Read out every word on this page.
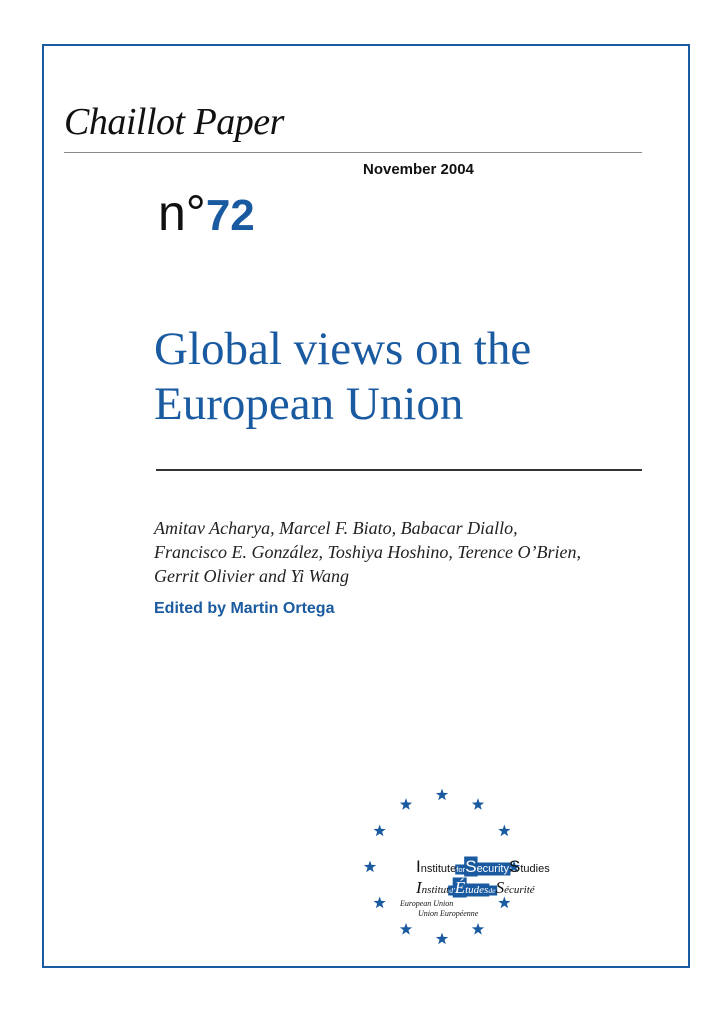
Chaillot Paper
November 2004
n°72
Global views on the
European Union
Amitav Acharya, Marcel F. Biato, Babacar Diallo,
Francisco E. González, Toshiya Hoshino, Terence O’Brien,
Gerrit Olivier and Yi Wang
Edited by Martin Ortega
InstituteforSecurityStudies
Institutd'ÉtudesdeSécurité
European Union
Union Européenne
